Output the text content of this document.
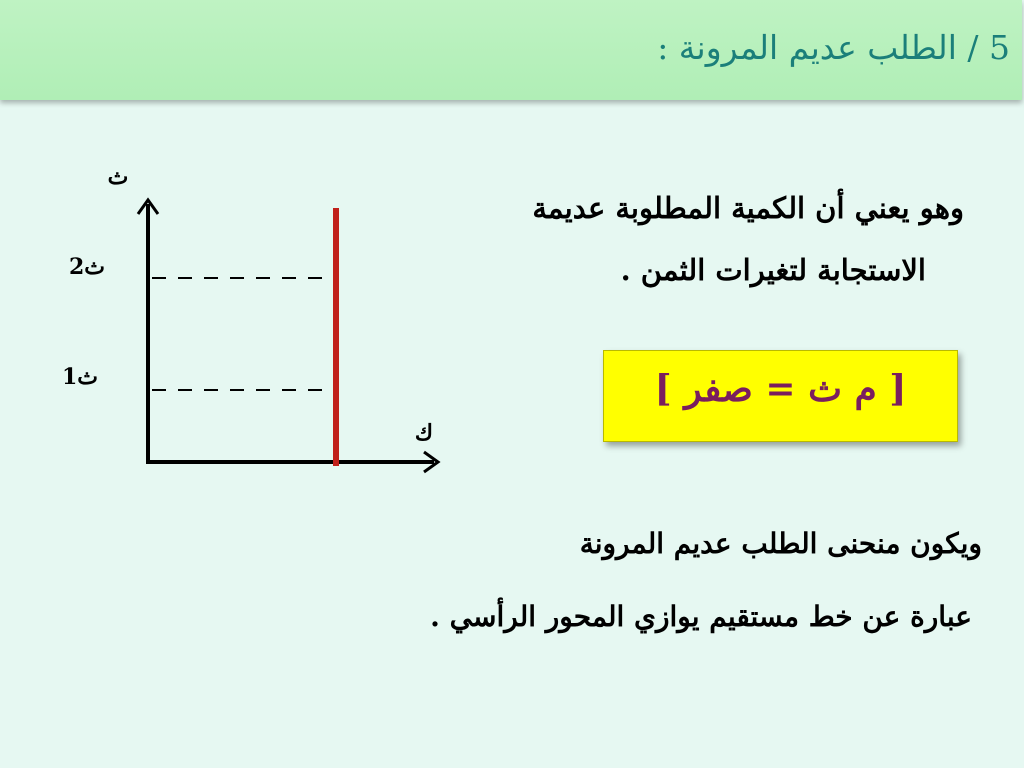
5 / الطلب عديم المرونة :
وهو يعني أن الكمية المطلوبة عديمة
الاستجابة لتغيرات الثمن .
[ م ث = صفر ]
ويكون منحنى الطلب عديم المرونة
عبارة عن خط مستقيم يوازي المحور الرأسي .
ث
ك
ث2
ث1
